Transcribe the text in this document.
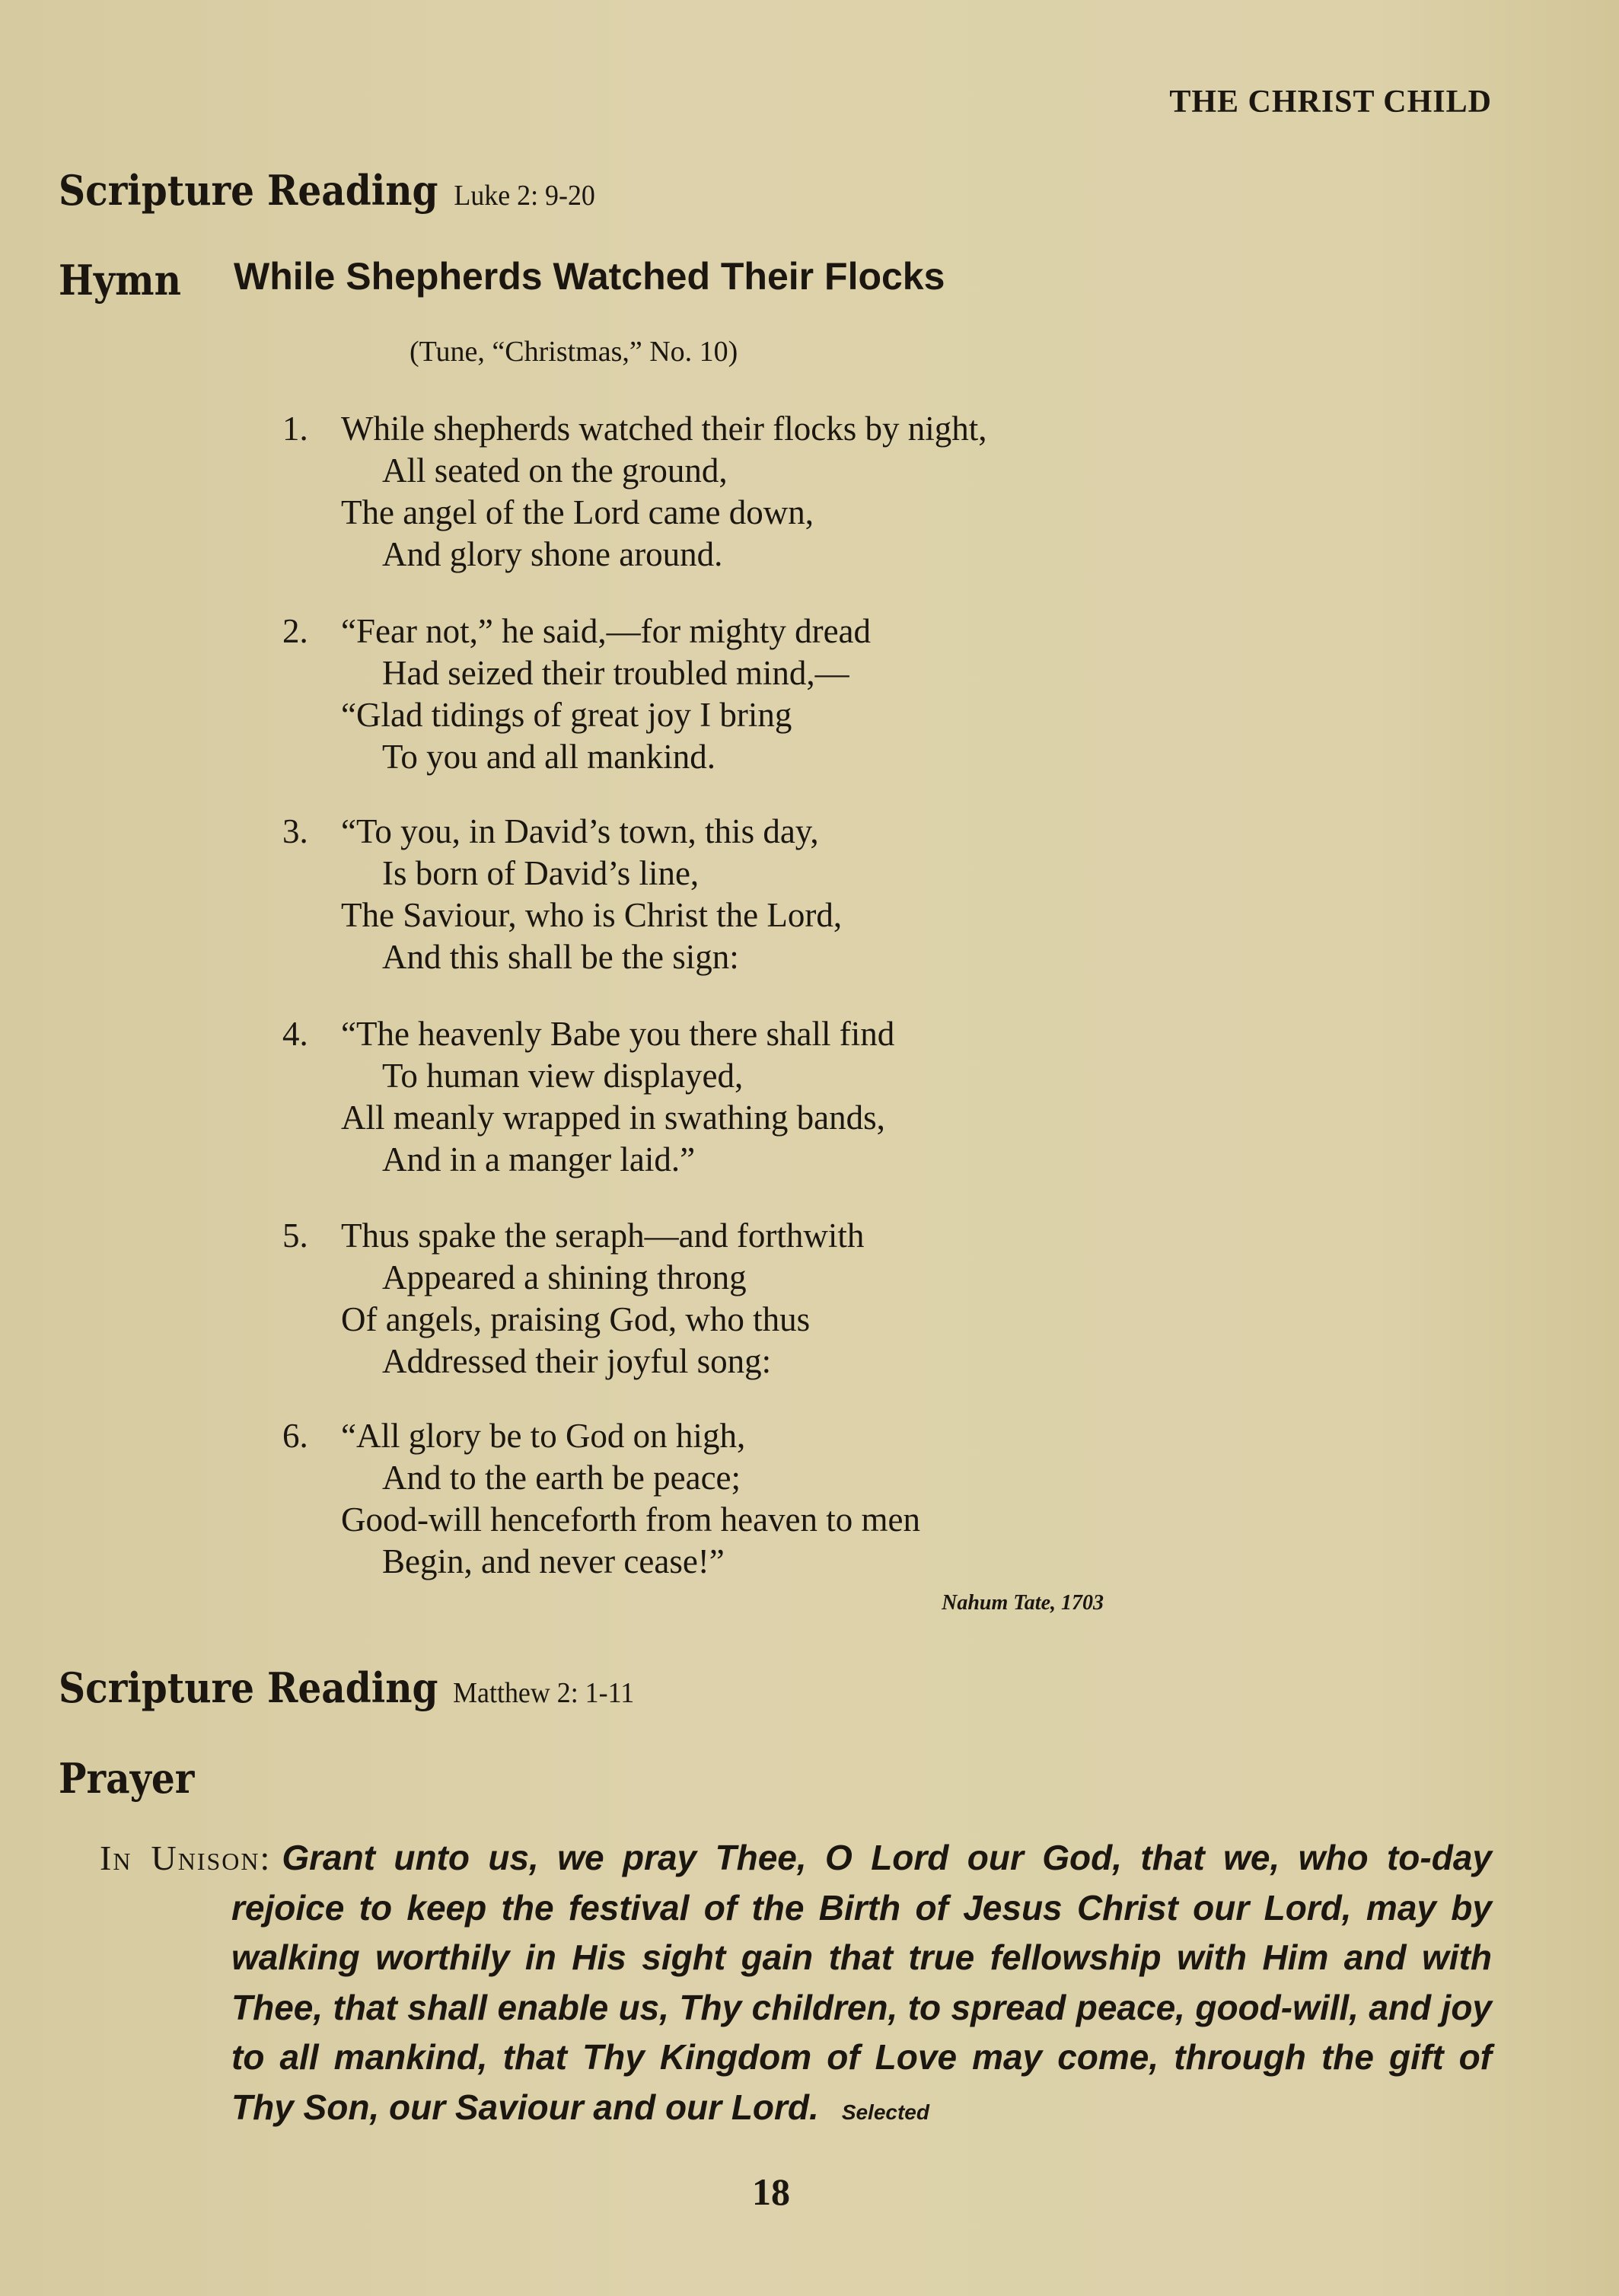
THE CHRIST CHILD
Scripture Reading Luke 2: 9-20
Hymn While Shepherds Watched Their Flocks
(Tune, “Christmas,” No. 10)
1. While shepherds watched their flocks by night,
All seated on the ground,
The angel of the Lord came down,
And glory shone around.
2. “Fear not,” he said,—for mighty dread
Had seized their troubled mind,—
“Glad tidings of great joy I bring
To you and all mankind.
3. “To you, in David’s town, this day,
Is born of David’s line,
The Saviour, who is Christ the Lord,
And this shall be the sign:
4. “The heavenly Babe you there shall find
To human view displayed,
All meanly wrapped in swathing bands,
And in a manger laid.”
5. Thus spake the seraph—and forthwith
Appeared a shining throng
Of angels, praising God, who thus
Addressed their joyful song:
6. “All glory be to God on high,
And to the earth be peace;
Good-will henceforth from heaven to men
Begin, and never cease!”
Nahum Tate, 1703
Scripture Reading Matthew 2: 1-11
Prayer
In Unison: Grant unto us, we pray Thee, O Lord our God, that we, who to-day
rejoice to keep the festival of the Birth of Jesus Christ our Lord, may by
walking worthily in His sight gain that true fellowship with Him and with
Thee, that shall enable us, Thy children, to spread peace, good-will, and joy
to all mankind, that Thy Kingdom of Love may come, through the gift of
Thy Son, our Saviour and our Lord. Selected
18
